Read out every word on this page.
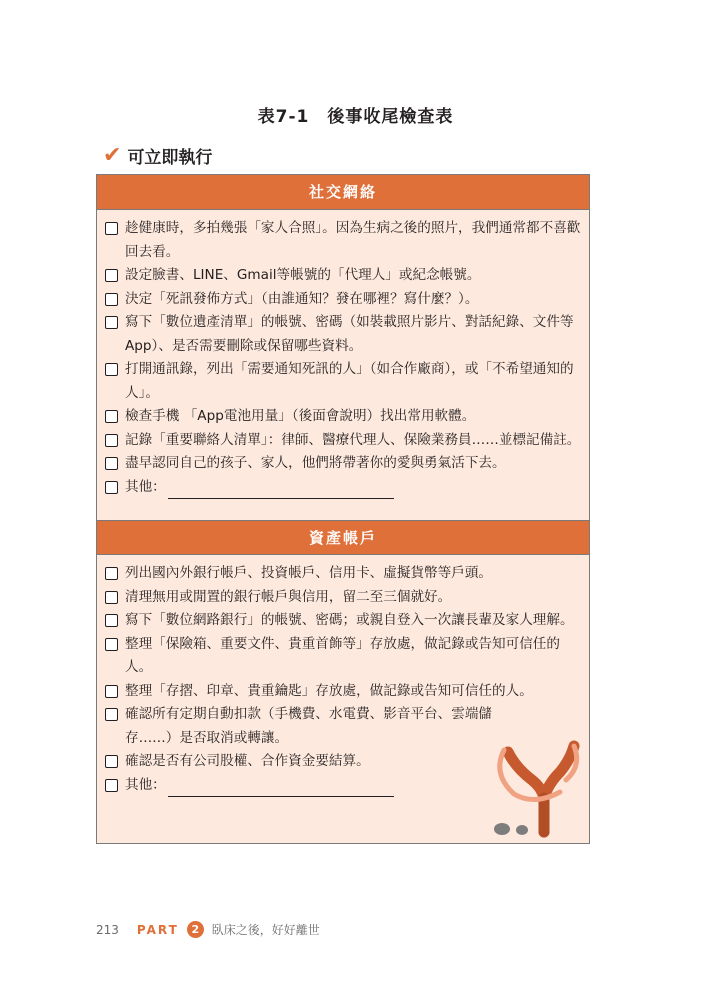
表7-1　後事收尾檢查表
✔ 可立即執行
社交網絡
趁健康時，多拍幾張「家人合照」。因為生病之後的照片，我們通常都不喜歡回去看。
設定臉書、LINE、Gmail等帳號的「代理人」或紀念帳號。
決定「死訊發佈方式」（由誰通知？發在哪裡？寫什麼？）。
寫下「數位遺產清單」的帳號、密碼（如裝載照片影片、對話紀錄、文件等App）、是否需要刪除或保留哪些資料。
打開通訊錄，列出「需要通知死訊的人」（如合作廠商），或「不希望通知的人」。
檢查手機 「App電池用量」（後面會說明）找出常用軟體。
記錄「重要聯絡人清單」：律師、醫療代理人、保險業務員……並標記備註。
盡早認同自己的孩子、家人，他們將帶著你的愛與勇氣活下去。
其他：
資產帳戶
列出國內外銀行帳戶、投資帳戶、信用卡、虛擬貨幣等戶頭。
清理無用或閒置的銀行帳戶與信用，留二至三個就好。
寫下「數位網路銀行」的帳號、密碼；或親自登入一次讓長輩及家人理解。
整理「保險箱、重要文件、貴重首飾等」存放處，做記錄或告知可信任的人。
整理「存摺、印章、貴重鑰匙」存放處，做記錄或告知可信任的人。
確認所有定期自動扣款（手機費、水電費、影音平台、雲端儲存……）是否取消或轉讓。
確認是否有公司股權、合作資金要結算。
其他：
213 PART	2	臥床之後，好好離世
